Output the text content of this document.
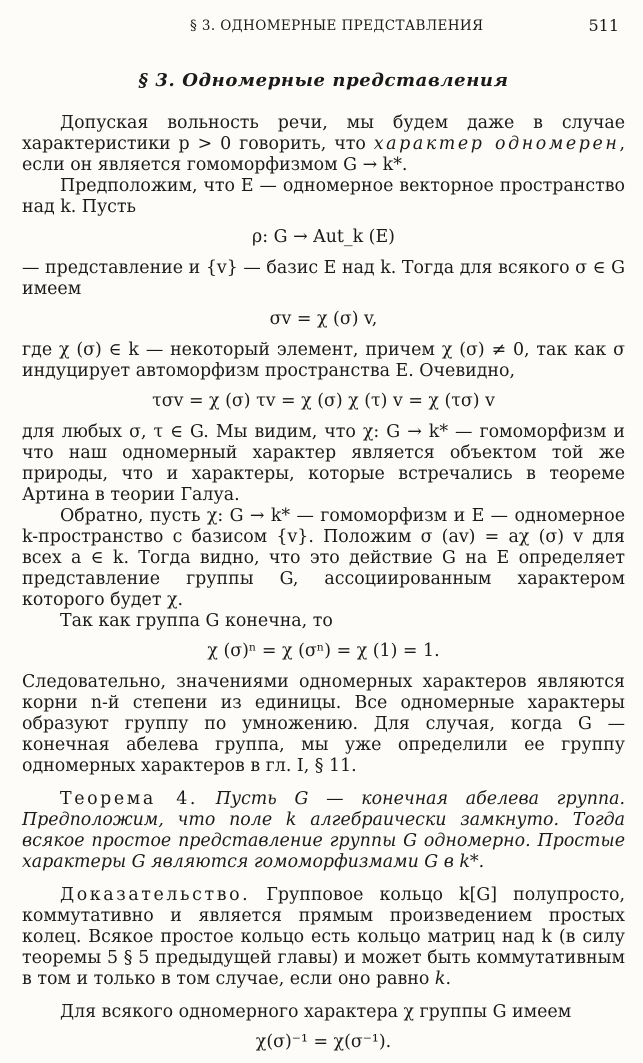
§ 3. ОДНОМЕРНЫЕ ПРЕДСТАВЛЕНИЯ	511
§ 3. Одномерные представления

Допуская вольность речи, мы будем даже в случае характеристики p > 0 говорить, что характер одномерен, если он является гомоморфизмом G → k*.

Предположим, что E — одномерное векторное пространство над k. Пусть

ρ: G → Aut_k (E)

— представление и {v} — базис E над k. Тогда для всякого σ ∈ G имеем

σv = χ (σ) v,

где χ (σ) ∈ k — некоторый элемент, причем χ (σ) ≠ 0, так как σ индуцирует автоморфизм пространства E. Очевидно,

τσv = χ (σ) τv = χ (σ) χ (τ) v = χ (τσ) v

для любых σ, τ ∈ G. Мы видим, что χ: G → k* — гомоморфизм и что наш одномерный характер является объектом той же природы, что и характеры, которые встречались в теореме Артина в теории Галуа.

Обратно, пусть χ: G → k* — гомоморфизм и E — одномерное k-пространство с базисом {v}. Положим σ (av) = aχ (σ) v для всех a ∈ k. Тогда видно, что это действие G на E определяет представление группы G, ассоциированным характером которого будет χ.

Так как группа G конечна, то

χ (σ)ⁿ = χ (σⁿ) = χ (1) = 1.

Следовательно, значениями одномерных характеров являются корни n-й степени из единицы. Все одномерные характеры образуют группу по умножению. Для случая, когда G — конечная абелева группа, мы уже определили ее группу одномерных характеров в гл. I, § 11.

Теорема 4. Пусть G — конечная абелева группа. Предположим, что поле k алгебраически замкнуто. Тогда всякое простое представление группы G одномерно. Простые характеры G являются гомоморфизмами G в k*.

Доказательство. Групповое кольцо k[G] полупросто, коммутативно и является прямым произведением простых колец. Всякое простое кольцо есть кольцо матриц над k (в силу теоремы 5 § 5 предыдущей главы) и может быть коммутативным в том и только в том случае, если оно равно k.

Для всякого одномерного характера χ группы G имеем

χ(σ)⁻¹ = χ(σ⁻¹).
